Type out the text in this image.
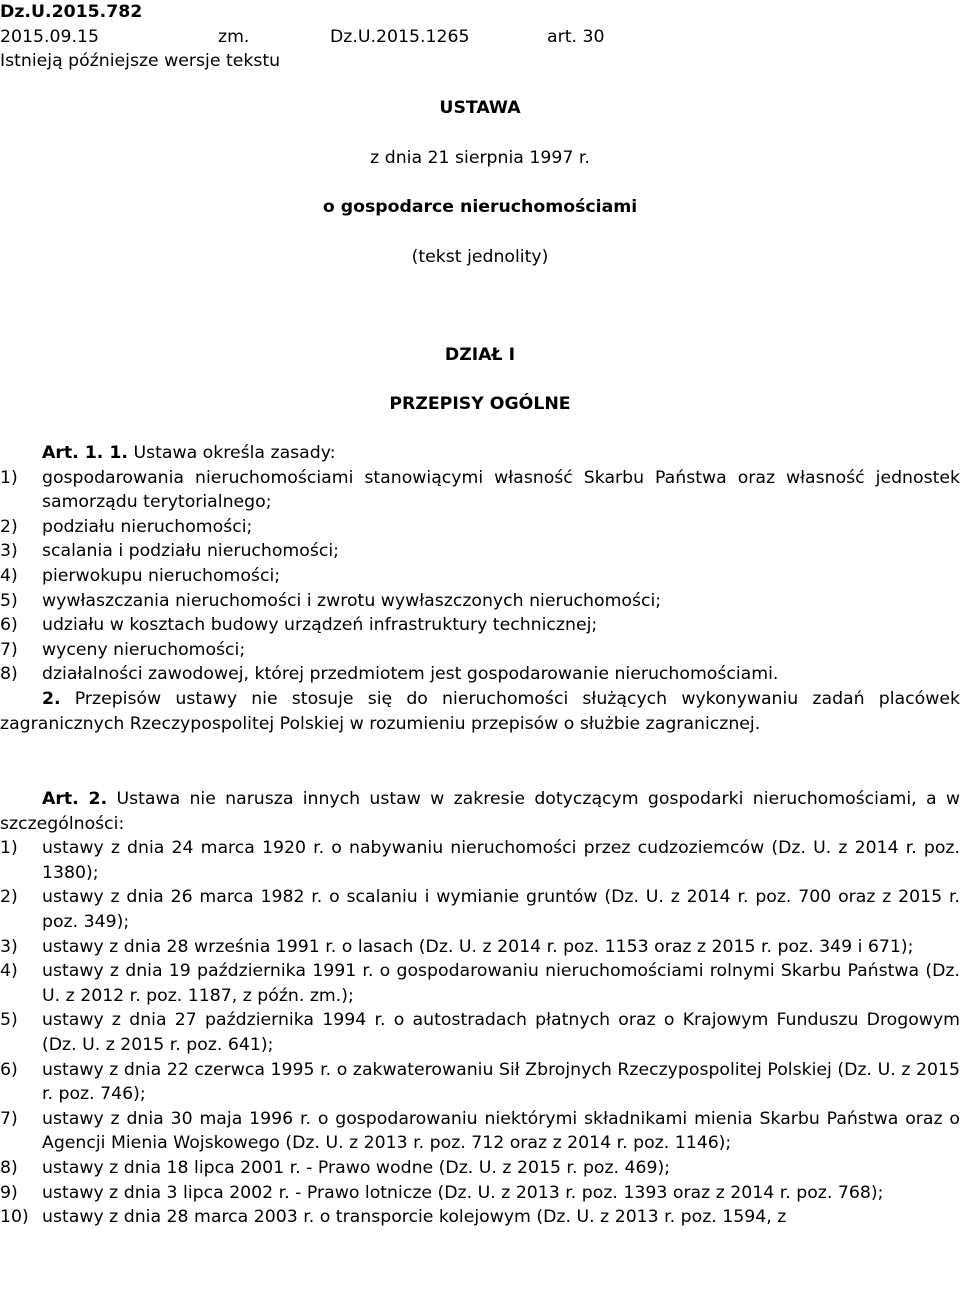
Dz.U.2015.782
2015.09.15	zm.	Dz.U.2015.1265	art. 30
Istnieją późniejsze wersje tekstu
USTAWA
z dnia 21 sierpnia 1997 r.
o gospodarce nieruchomościami
(tekst jednolity)
DZIAŁ I
PRZEPISY OGÓLNE
Art. 1. 1. Ustawa określa zasady:
1)	gospodarowania nieruchomościami stanowiącymi własność Skarbu Państwa oraz własność jednostek samorządu terytorialnego;
2)	podziału nieruchomości;
3)	scalania i podziału nieruchomości;
4)	pierwokupu nieruchomości;
5)	wywłaszczania nieruchomości i zwrotu wywłaszczonych nieruchomości;
6)	udziału w kosztach budowy urządzeń infrastruktury technicznej;
7)	wyceny nieruchomości;
8)	działalności zawodowej, której przedmiotem jest gospodarowanie nieruchomościami.
2. Przepisów ustawy nie stosuje się do nieruchomości służących wykonywaniu zadań placówek zagranicznych Rzeczypospolitej Polskiej w rozumieniu przepisów o służbie zagranicznej.
Art. 2. Ustawa nie narusza innych ustaw w zakresie dotyczącym gospodarki nieruchomościami, a w szczególności:
1)	ustawy z dnia 24 marca 1920 r. o nabywaniu nieruchomości przez cudzoziemców (Dz. U. z 2014 r. poz. 1380);
2)	ustawy z dnia 26 marca 1982 r. o scalaniu i wymianie gruntów (Dz. U. z 2014 r. poz. 700 oraz z 2015 r. poz. 349);
3)	ustawy z dnia 28 września 1991 r. o lasach (Dz. U. z 2014 r. poz. 1153 oraz z 2015 r. poz. 349 i 671);
4)	ustawy z dnia 19 października 1991 r. o gospodarowaniu nieruchomościami rolnymi Skarbu Państwa (Dz. U. z 2012 r. poz. 1187, z późn. zm.);
5)	ustawy z dnia 27 października 1994 r. o autostradach płatnych oraz o Krajowym Funduszu Drogowym (Dz. U. z 2015 r. poz. 641);
6)	ustawy z dnia 22 czerwca 1995 r. o zakwaterowaniu Sił Zbrojnych Rzeczypospolitej Polskiej (Dz. U. z 2015 r. poz. 746);
7)	ustawy z dnia 30 maja 1996 r. o gospodarowaniu niektórymi składnikami mienia Skarbu Państwa oraz o Agencji Mienia Wojskowego (Dz. U. z 2013 r. poz. 712 oraz z 2014 r. poz. 1146);
8)	ustawy z dnia 18 lipca 2001 r. - Prawo wodne (Dz. U. z 2015 r. poz. 469);
9)	ustawy z dnia 3 lipca 2002 r. - Prawo lotnicze (Dz. U. z 2013 r. poz. 1393 oraz z 2014 r. poz. 768);
10) ustawy z dnia 28 marca 2003 r. o transporcie kolejowym (Dz. U. z 2013 r. poz. 1594, z
